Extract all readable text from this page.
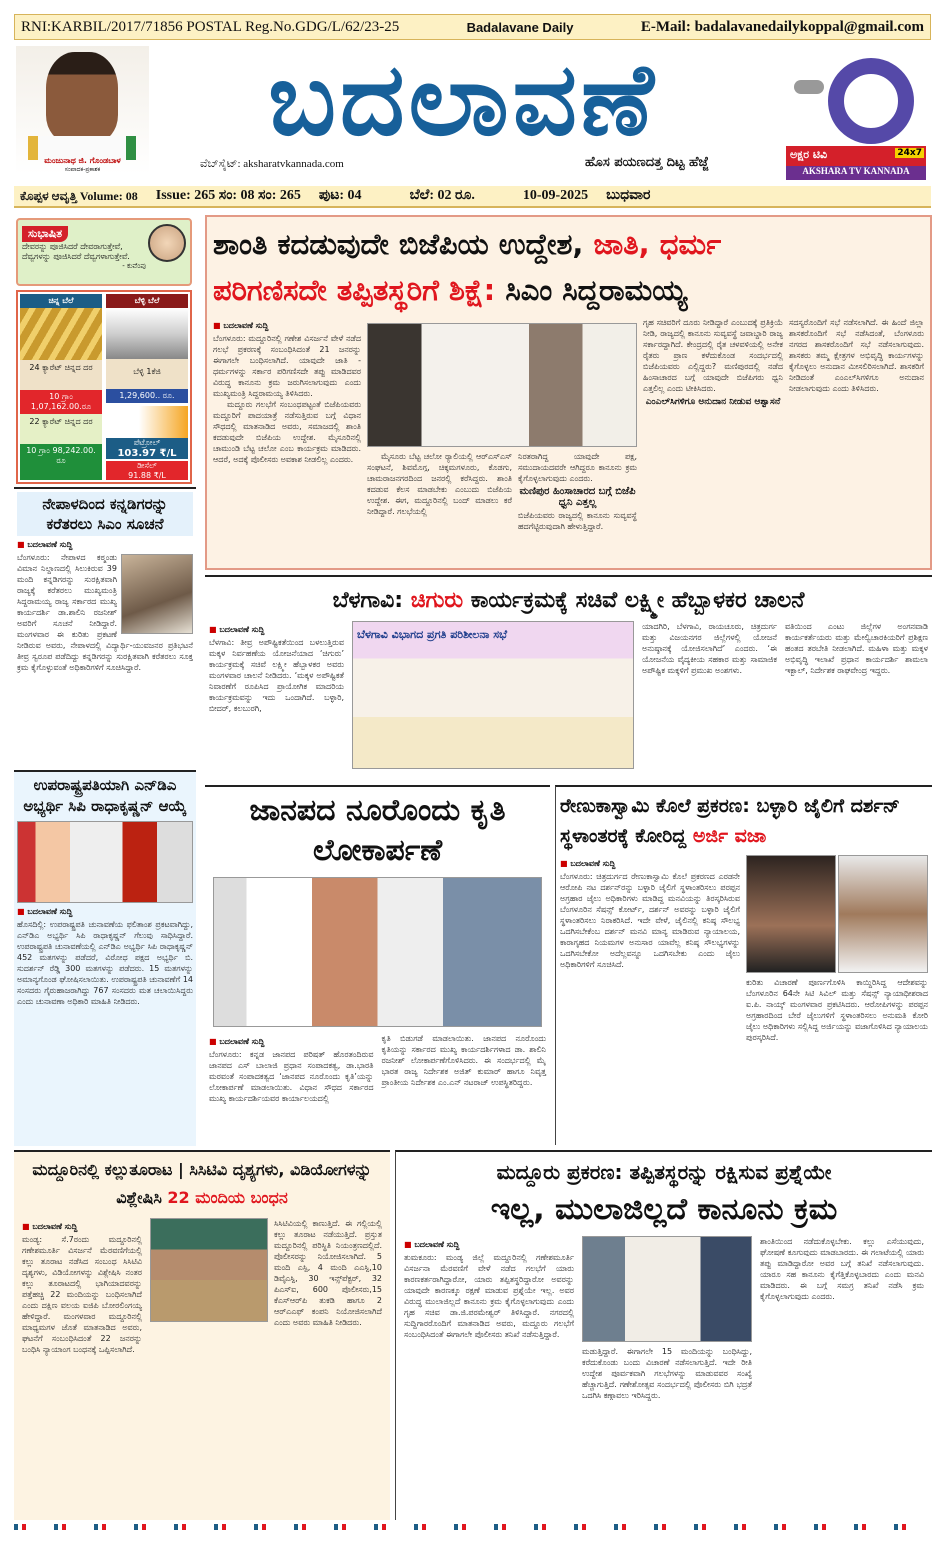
RNI:KARBIL/2017/71856 POSTAL Reg.No.GDG/L/62/23-25	Badalavane Daily	E-Mail: badalavanedailykoppal@gmail.com
ಮಂಜುನಾಥ ಜಿ. ಗೊಂಡಬಾಳ
ಸಂಪಾದಕ-ಪ್ರಕಾಶಕ
ಬದಲಾವಣೆ
ವೆಬ್‌ಸೈಟ್: aksharatvkannada.com	ಹೊಸ ಪಯಣದತ್ತ ದಿಟ್ಟ ಹೆಜ್ಜೆ
ಅಕ್ಷರ ಟಿವಿ	24x7
AKSHARA TV KANNADA
ಕೊಪ್ಪಳ ಆವೃತ್ತಿ Volume: 08 Issue: 265 ಸಂ: 08 ಸಂ: 265 ಪುಟ: 04	ಬೆಲೆ: 02 ರೂ.	10-09-2025 ಬುಧವಾರ
ಸುಭಾಷಿತ
ದೇವರನ್ನು ಪೂಜಿಸಿದರೆ ದೇವರಾಗುತ್ತೇವೆ, ದೆವ್ವಗಳನ್ನು ಪೂಜಿಸಿದರೆ ದೆವ್ವಗಳಾಗುತ್ತೇವೆ.
- ಕುವೆಂಪು
ಚಿನ್ನ ಬೆಲೆ
24 ಕ್ಯಾರೆಟ್ ಚಿನ್ನದ ದರ
10 ಗ್ರಾಂ 1,07,162.00.ರೂ
22 ಕ್ಯಾರೆಟ್ ಚಿನ್ನದ ದರ
10 ಗ್ರಾಂ 98,242.00. ರೂ
ಬೆಳ್ಳಿ ಬೆಲೆ
ಬೆಳ್ಳಿ 1ಕೆಜಿ
1,29,600.. ರೂ.
ಪೆಟ್ರೋಲ್
103.97 ₹/L
ಡೀಸೆಲ್
91.88 ₹/L
ನೇಪಾಳದಿಂದ ಕನ್ನಡಿಗರನ್ನು ಕರೆತರಲು ಸಿಎಂ ಸೂಚನೆ
■ ಬದಲಾವಣೆ ಸುದ್ದಿ
ಬೆಂಗಳೂರು: ನೇಪಾಳದ ಕಠ್ಮಂಡು ವಿಮಾನ ನಿಲ್ದಾಣದಲ್ಲಿ ಸಿಲುಕಿರುವ 39 ಮಂದಿ ಕನ್ನಡಿಗರನ್ನು ಸುರಕ್ಷಿತವಾಗಿ ರಾಜ್ಯಕ್ಕೆ ಕರೆತರಲು ಮುಖ್ಯಮಂತ್ರಿ ಸಿದ್ದರಾಮಯ್ಯ ರಾಜ್ಯ ಸರ್ಕಾರದ ಮುಖ್ಯ ಕಾರ್ಯದರ್ಶಿ ಡಾ.ಶಾಲಿನಿ ರಜನೀಶ್ ಅವರಿಗೆ ಸೂಚನೆ ನೀಡಿದ್ದಾರೆ. ಮಂಗಳವಾರ ಈ ಕುರಿತು ಪ್ರಕಟಣೆ ನೀಡಿರುವ ಅವರು, ನೇಪಾಳದಲ್ಲಿ ವಿದ್ಯಾರ್ಥಿ-ಯುವಜನರ ಪ್ರತಿಭಟನೆ ತೀವ್ರ ಸ್ವರೂಪ ಪಡೆದಿದ್ದು ಕನ್ನಡಿಗರನ್ನು ಸುರಕ್ಷಿತವಾಗಿ ಕರೆತರಲು ಸೂಕ್ತ ಕ್ರಮ ಕೈಗೊಳ್ಳುವಂತೆ ಅಧಿಕಾರಿಗಳಿಗೆ ಸೂಚಿಸಿದ್ದಾರೆ.
ಉಪರಾಷ್ಟ್ರಪತಿಯಾಗಿ ಎನ್‌ಡಿಎ ಅಭ್ಯರ್ಥಿ ಸಿಪಿ ರಾಧಾಕೃಷ್ಣನ್ ಆಯ್ಕೆ
■ ಬದಲಾವಣೆ ಸುದ್ದಿ
ಹೊಸದಿಲ್ಲಿ: ಉಪರಾಷ್ಟ್ರಪತಿ ಚುನಾವಣೆಯ ಫಲಿತಾಂಶ ಪ್ರಕಟವಾಗಿದ್ದು, ಎನ್‌ಡಿಎ ಅಭ್ಯರ್ಥಿ ಸಿಪಿ ರಾಧಾಕೃಷ್ಣನ್ ಗೆಲುವು ಸಾಧಿಸಿದ್ದಾರೆ. ಉಪರಾಷ್ಟ್ರಪತಿ ಚುನಾವಣೆಯಲ್ಲಿ ಎನ್‌ಡಿಎ ಅಭ್ಯರ್ಥಿ ಸಿಪಿ ರಾಧಾಕೃಷ್ಣನ್ 452 ಮತಗಳನ್ನು ಪಡೆದರೆ, ವಿರೋಧ ಪಕ್ಷದ ಅಭ್ಯರ್ಥಿ ಬಿ. ಸುದರ್ಶನ್ ರೆಡ್ಡಿ 300 ಮತಗಳನ್ನು ಪಡೆದರು. 15 ಮತಗಳನ್ನು ಅಮಾನ್ಯಗೊಂಡ ಘೋಷಿಸಲಾಯಿತು. ಉಪರಾಷ್ಟ್ರಪತಿ ಚುನಾವಣೆಗೆ 14 ಸಂಸದರು ಗೈರುಹಾಜರಾಗಿದ್ದು 767 ಸಂಸದರು ಮತ ಚಲಾಯಿಸಿದ್ದರು ಎಂದು ಚುನಾವಣಾ ಅಧಿಕಾರಿ ಮಾಹಿತಿ ನೀಡಿದರು.
ಶಾಂತಿ ಕದಡುವುದೇ ಬಿಜೆಪಿಯ ಉದ್ದೇಶ, ಜಾತಿ, ಧರ್ಮ
ಪರಿಗಣಿಸದೇ ತಪ್ಪಿತಸ್ಥರಿಗೆ ಶಿಕ್ಷೆ: ಸಿಎಂ ಸಿದ್ದರಾಮಯ್ಯ
■ ಬದಲಾವಣೆ ಸುದ್ದಿ
ಬೆಂಗಳೂರು: ಮದ್ದೂರಿನಲ್ಲಿ ಗಣೇಶ ವಿಸರ್ಜನೆ ವೇಳೆ ನಡೆದ ಗಲಭೆ ಪ್ರಕರಣಕ್ಕೆ ಸಂಬಂಧಿಸಿದಂತೆ 21 ಜನರನ್ನು ಈಗಾಗಲೇ ಬಂಧಿಸಲಾಗಿದೆ. ಯಾವುದೇ ಜಾತಿ - ಧರ್ಮಗಳನ್ನು ಸರ್ಕಾರ ಪರಿಗಣಿಸದೇ ತಪ್ಪು ಮಾಡಿದವರ ವಿರುದ್ಧ ಕಾನೂನು ಕ್ರಮ ಜರುಗಿಸಲಾಗುವುದು ಎಂದು ಮುಖ್ಯಮಂತ್ರಿ ಸಿದ್ದರಾಮಯ್ಯ ತಿಳಿಸಿದರು.
ಮದ್ದೂರು ಗಲಭೆಗೆ ಸಂಬಂಧಪಟ್ಟಂತೆ ಬಿಜೆಪಿಯವರು ಮದ್ದೂರಿಗೆ ಪಾದಯಾತ್ರೆ ನಡೆಸುತ್ತಿರುವ ಬಗ್ಗೆ ವಿಧಾನ ಸೌಧದಲ್ಲಿ ಮಾತನಾಡಿದ ಅವರು, ಸಮಾಜದಲ್ಲಿ ಶಾಂತಿ ಕದಡುವುದೇ ಬಿಜೆಪಿಯ ಉದ್ದೇಶ. ಮೈಸೂರಿನಲ್ಲಿ ಚಾಮುಂಡಿ ಬೆಟ್ಟ ಚಲೋ ಎಂಬ ಕಾರ್ಯಕ್ರಮ ಮಾಡಿದರು. ಆದರೆ, ಅದಕ್ಕೆ ಪೊಲೀಸರು ಅವಕಾಶ ನೀಡಲಿಲ್ಲ ಎಂದರು.	ಮೈಸೂರು ಬೆಟ್ಟ ಚಲೋ ರ್‍ಯಾಲಿಯಲ್ಲಿ ಆರ್‌ಎಸ್‌ಎಸ್ ಸಂಘಟನೆ, ಶಿವಮೊಗ್ಗ, ಚಿಕ್ಕಮಗಳೂರು, ಕೊಡಗು, ಚಾಮರಾಜನಗರದಿಂದ ಜನರಲ್ಲಿ ಕರೆಸಿದ್ದರು. ಶಾಂತಿ ಕದಡುವ ಕೆಲಸ ಮಾಡಬೇಕು ಎಂಬುದು ಬಿಜೆಪಿಯ ಉದ್ದೇಶ. ಈಗ, ಮದ್ದೂರಿನಲ್ಲಿ ಬಂದ್ ಮಾಡಲು ಕರೆ ನೀಡಿದ್ದಾರೆ. ಗಲಭೆಯಲ್ಲಿ
ನಿರತರಾಗಿದ್ದ ಯಾವುದೇ ಪಕ್ಷ, ಸಮುದಾಯದವರೇ ಆಗಿದ್ದರೂ ಕಾನೂನು ಕ್ರಮ ಕೈಗೊಳ್ಳಲಾಗುವುದು ಎಂದರು.
ಮಣಿಪುರ ಹಿಂಸಾಚಾರದ ಬಗ್ಗೆ ಬಿಜೆಪಿ ಧ್ವನಿ ಎತ್ತಲ್ಲ
ಬಿಜೆಪಿಯವರು ರಾಜ್ಯದಲ್ಲಿ ಕಾನೂನು ಸುವ್ಯವಸ್ಥೆ ಹದಗೆಟ್ಟಿರುವುದಾಗಿ ಹೇಳುತ್ತಿದ್ದಾರೆ.
ಗೃಹ ಸಚಿವರಿಗೆ ದೂರು ನೀಡಿದ್ದಾರೆ ಎಂಬುದಕ್ಕೆ ಪ್ರತಿಕ್ರಿಯೆ ನೀಡಿ, ರಾಜ್ಯದಲ್ಲಿ ಕಾನೂನು ಸುವ್ಯವಸ್ಥೆ ಜವಾಬ್ದಾರಿ ರಾಜ್ಯ ಸರ್ಕಾರದ್ದಾಗಿದೆ. ಕೇಂದ್ರದಲ್ಲಿ ರೈತ ಚಳವಳಿಯಲ್ಲಿ ಅನೇಕ ರೈತರು ಪ್ರಾಣ ಕಳೆದುಕೊಂಡ ಸಂದರ್ಭದಲ್ಲಿ ಬಿಜೆಪಿಯವರು ಎಲ್ಲಿದ್ದರು? ಮಣಿಪುರದಲ್ಲಿ ನಡೆದ ಹಿಂಸಾಚಾರದ ಬಗ್ಗೆ ಯಾವುದೇ ಬಿಜೆಪಿಗರು ಧ್ವನಿ ಎತ್ತಲಿಲ್ಲ ಎಂದು ಟೀಕಿಸಿದರು.
ಎಂಎಲ್‌ಸಿಗಳಿಗೂ ಅನುದಾನ ನೀಡುವ ಆಶ್ವಾಸನೆ
ಸದಸ್ಯರೊಂದಿಗೆ ಸಭೆ ನಡೆಸಲಾಗಿದೆ. ಈ ಹಿಂದೆ ಜಿಲ್ಲಾ ಶಾಸಕರೊಂದಿಗೆ ಸಭೆ ನಡೆಸಿದಂತೆ, ಬೆಂಗಳೂರು ನಗರದ ಶಾಸಕರೊಂದಿಗೆ ಸಭೆ ನಡೆಸಲಾಗುವುದು. ಶಾಸಕರು ತಮ್ಮ ಕ್ಷೇತ್ರಗಳ ಅಭಿವೃದ್ಧಿ ಕಾರ್ಯಗಳನ್ನು ಕೈಗೊಳ್ಳಲು ಅನುದಾನ ಮೀಸಲಿರಿಸಲಾಗಿದೆ. ಶಾಸಕರಿಗೆ ನೀಡಿದಂತೆ ಎಂಎಲ್‌ಸಿಗಳಿಗೂ ಅನುದಾನ ನೀಡಲಾಗುವುದು ಎಂದು ತಿಳಿಸಿದರು.
ಬೆಳಗಾವಿ: ಚಿಗುರು ಕಾರ್ಯಕ್ರಮಕ್ಕೆ ಸಚಿವೆ ಲಕ್ಷ್ಮೀ ಹೆಬ್ಬಾಳಕರ ಚಾಲನೆ
■ ಬದಲಾವಣೆ ಸುದ್ದಿ
ಬೆಳಗಾವಿ: ತೀವ್ರ ಅಪೌಷ್ಟಿಕತೆಯಿಂದ ಬಳಲುತ್ತಿರುವ ಮಕ್ಕಳ ನಿರ್ವಹಣೆಯ ಯೋಜನೆಯಾದ ‘ಚಿಗುರು’ ಕಾರ್ಯಕ್ರಮಕ್ಕೆ ಸಚಿವೆ ಲಕ್ಷ್ಮೀ ಹೆಬ್ಬಾಳಕರ ಅವರು ಮಂಗಳವಾರ ಚಾಲನೆ ನೀಡಿದರು. ‘ಮಕ್ಕಳ ಅಪೌಷ್ಟಿಕತೆ ನಿವಾರಣೆಗೆ ರೂಪಿಸಿದ ಪ್ರಾಯೋಗಿಕ ಮಾದರಿಯ ಕಾರ್ಯಕ್ರಮವನ್ನು ಇದು ಒಂದಾಗಿದೆ. ಬಳ್ಳಾರಿ, ಬೀದರ್, ಕಲಬುರಗಿ,
ಬೆಳಗಾವಿ ವಿಭಾಗದ ಪ್ರಗತಿ ಪರಿಶೀಲನಾ ಸಭೆ
ಯಾದಗಿರಿ, ಬೆಳಗಾವಿ, ರಾಯಚೂರು, ಚಿತ್ರದುರ್ಗ ಮತ್ತು ವಿಜಯನಗರ ಜಿಲ್ಲೆಗಳಲ್ಲಿ ಯೋಜನೆ ಅನುಷ್ಠಾನಕ್ಕೆ ಯೋಜಿಸಲಾಗಿದೆ’ ಎಂದರು. ‘ಈ ಯೋಜನೆಯ ವೈದ್ಯಕೀಯ ಸಹಕಾರ ಮತ್ತು ಸಾಮಾಜಿಕ ಅಪೌಷ್ಟಿಕ ಮಕ್ಕಳಿಗೆ ಪ್ರಮುಖ ಅಂಶಗಳು.
ವತಿಯಿಂದ ಎಂಟು ಜಿಲ್ಲೆಗಳ ಅಂಗನವಾಡಿ ಕಾರ್ಯಕರ್ತೆಯರು ಮತ್ತು ಮೇಲ್ವಿಚಾರಕಿಯರಿಗೆ ಪ್ರಶಿಕ್ಷಣ ಹಂತದ ತರಬೇತಿ ನೀಡಲಾಗಿದೆ. ಮಹಿಳಾ ಮತ್ತು ಮಕ್ಕಳ ಅಭಿವೃದ್ಧಿ ಇಲಾಖೆ ಪ್ರಧಾನ ಕಾರ್ಯದರ್ಶಿ ಶಾಮಲಾ ಇಕ್ಬಾಲ್, ನಿರ್ದೇಶಕ ರಾಘವೇಂದ್ರ ಇದ್ದರು.
ಜಾನಪದ ನೂರೊಂದು ಕೃತಿ ಲೋಕಾರ್ಪಣೆ
■ ಬದಲಾವಣೆ ಸುದ್ದಿ
ಬೆಂಗಳೂರು: ಕನ್ನಡ ಜಾನಪದ ಪರಿಷತ್ ಹೊರತಂದಿರುವ ಜಾನಪದ ಎಸ್ ಬಾಲಾಜಿ ಪ್ರಧಾನ ಸಂಪಾದಕತ್ವ, ಡಾ.ಭಾರತಿ ಮರವಂತೆ ಸಂಪಾದಕತ್ವದ ‘ಜಾನಪದ ನೂರೊಂದು ಕೃತಿ’ಯನ್ನು ಲೋಕಾರ್ಪಣೆ ಮಾಡಲಾಯಿತು. ವಿಧಾನ ಸೌಧದ ಸರ್ಕಾರದ ಮುಖ್ಯ ಕಾರ್ಯದರ್ಶಿಯವರ ಕಾರ್ಯಾಲಯದಲ್ಲಿ
ಕೃತಿ ಬಿಡುಗಡೆ ಮಾಡಲಾಯಿತು. ಜಾನಪದ ನೂರೊಂದು ಕೃತಿಯನ್ನು ಸರ್ಕಾರದ ಮುಖ್ಯ ಕಾರ್ಯದರ್ಶಿಗಳಾದ ಡಾ. ಶಾಲಿನಿ ರಜನೀಶ್ ಲೋಕಾರ್ಪಣೆಗೊಳಿಸಿದರು. ಈ ಸಂದರ್ಭದಲ್ಲಿ ಮೈ ಭಾರತ ರಾಜ್ಯ ನಿರ್ದೇಶಕ ಅಜಿತ್ ಕುಮಾರ್ ಹಾಗೂ ನಿವೃತ್ತ ಪ್ರಾಂತೀಯ ನಿರ್ದೇಶಕ ಎಂ.ಎನ್ ನಟರಾಜ್ ಉಪಸ್ಥಿತರಿದ್ದರು.
ರೇಣುಕಾಸ್ವಾಮಿ ಕೊಲೆ ಪ್ರಕರಣ: ಬಳ್ಳಾರಿ ಜೈಲಿಗೆ ದರ್ಶನ್ ಸ್ಥಳಾಂತರಕ್ಕೆ ಕೋರಿದ್ದ ಅರ್ಜಿ ವಜಾ
■ ಬದಲಾವಣೆ ಸುದ್ದಿ
ಬೆಂಗಳೂರು: ಚಿತ್ರದುರ್ಗದ ರೇಣುಕಾಸ್ವಾಮಿ ಕೊಲೆ ಪ್ರಕರಣದ ಎರಡನೇ ಆರೋಪಿ ನಟ ದರ್ಶನ್‌ರನ್ನು ಬಳ್ಳಾರಿ ಜೈಲಿಗೆ ಸ್ಥಳಾಂತರಿಸಲು ಪರಪ್ಪನ ಅಗ್ರಹಾರ ಜೈಲು ಅಧಿಕಾರಿಗಳು ಮಾಡಿದ್ದ ಮನವಿಯನ್ನು ತಿರಸ್ಕರಿಸಿರುವ ಬೆಂಗಳೂರಿನ ಸೆಷನ್ಸ್ ಕೋರ್ಟ್, ದರ್ಶನ್ ಅವರನ್ನು ಬಳ್ಳಾರಿ ಜೈಲಿಗೆ ಸ್ಥಳಾಂತರಿಸಲು ನಿರಾಕರಿಸಿದೆ. ಇದೇ ವೇಳೆ, ಜೈಲಿನಲ್ಲಿ ಕನಿಷ್ಠ ಸೌಲಭ್ಯ ಒದಗಿಸಬೇಕೆಂಬ ದರ್ಶನ್ ಮನವಿ ಮಾನ್ಯ ಮಾಡಿರುವ ನ್ಯಾಯಾಲಯ, ಕಾರಾಗೃಹದ ನಿಯಮಗಳ ಅನುಸಾರ ಯಾವೆಲ್ಲ ಕನಿಷ್ಠ ಸೌಲಭ್ಯಗಳನ್ನು ಒದಗಿಸಬೇಕೋ ಅದೆಲ್ಲವನ್ನೂ ಒದಗಿಸಬೇಕು ಎಂದು ಜೈಲು ಅಧಿಕಾರಿಗಳಿಗೆ ಸೂಚಿಸಿದೆ.
ಕುರಿತು ವಿಚಾರಣೆ ಪೂರ್ಣಗೊಳಿಸಿ ಕಾಯ್ದಿರಿಸಿದ್ದ ಆದೇಶವನ್ನು ಬೆಂಗಳೂರಿನ 64ನೇ ಸಿಟಿ ಸಿವಿಲ್ ಮತ್ತು ಸೆಷನ್ಸ್ ನ್ಯಾಯಾಧೀಶರಾದ ಐ.ಪಿ. ನಾಯ್ಕ್ ಮಂಗಳವಾರ ಪ್ರಕಟಿಸಿದರು. ಆರೋಪಿಗಳನ್ನು ಪರಪ್ಪನ ಅಗ್ರಹಾರದಿಂದ ಬೇರೆ ಜೈಲುಗಳಿಗೆ ಸ್ಥಳಾಂತರಿಸಲು ಅನುಮತಿ ಕೋರಿ ಜೈಲು ಅಧಿಕಾರಿಗಳು ಸಲ್ಲಿಸಿದ್ದ ಅರ್ಜಿಯನ್ನು ವಜಾಗೊಳಿಸಿದ ನ್ಯಾಯಾಲಯ ಪುರಸ್ಕರಿಸಿದೆ.
ಮದ್ದೂರಿನಲ್ಲಿ ಕಲ್ಲುತೂರಾಟ | ಸಿಸಿಟಿವಿ ದೃಶ್ಯಗಳು, ವಿಡಿಯೋಗಳನ್ನು ವಿಶ್ಲೇಷಿಸಿ 22 ಮಂದಿಯ ಬಂಧನ
■ ಬದಲಾವಣೆ ಸುದ್ದಿ
ಮಂಡ್ಯ: ಸೆ.7ರಂದು ಮದ್ದೂರಿನಲ್ಲಿ ಗಣೇಶಮೂರ್ತಿ ವಿಸರ್ಜನೆ ಮೆರವಣಿಗೆಯಲ್ಲಿ ಕಲ್ಲು ತೂರಾಟ ನಡೆಸಿದ ಸಂಬಂಧ ಸಿಸಿಟಿವಿ ದೃಶ್ಯಗಳು, ವಿಡಿಯೋಗಳನ್ನು ವಿಶ್ಲೇಷಿಸಿ ನಂತರ ಕಲ್ಲು ತೂರಾಟದಲ್ಲಿ ಭಾಗಿಯಾದವರನ್ನು ಪತ್ತೆಹಚ್ಚಿ 22 ಮಂದಿಯನ್ನು ಬಂಧಿಸಲಾಗಿದೆ ಎಂದು ದಕ್ಷಿಣ ವಲಯ ಐಜಿಪಿ ಬೋರಲಿಂಗಯ್ಯ ಹೇಳಿದ್ದಾರೆ. ಮಂಗಳವಾರ ಮದ್ದೂರಿನಲ್ಲಿ ಮಾಧ್ಯಮಗಳ ಜೊತೆ ಮಾತನಾಡಿದ ಅವರು, ಘಟನೆಗೆ ಸಂಬಂಧಿಸಿದಂತೆ 22 ಜನರನ್ನು ಬಂಧಿಸಿ ನ್ಯಾಯಾಂಗ ಬಂಧನಕ್ಕೆ ಒಪ್ಪಿಸಲಾಗಿದೆ.
ಸಿಸಿಟಿವಿಯಲ್ಲಿ ಕಾಣುತ್ತಿದೆ. ಈ ಗಲ್ಲಿಯಲ್ಲಿ ಕಲ್ಲು ತೂರಾಟ ನಡೆಯುತ್ತಿದೆ. ಪ್ರಸ್ತುತ ಮದ್ದೂರಿನಲ್ಲಿ ಪರಿಸ್ಥಿತಿ ನಿಯಂತ್ರಣದಲ್ಲಿದೆ. ಪೊಲೀಸರನ್ನು ನಿಯೋಜಿಸಲಾಗಿದೆ. 5 ಮಂದಿ ಎಸ್ಪಿ, 4 ಮಂದಿ ಎಎಸ್ಪಿ,10 ಡಿವೈಎಸ್ಪಿ, 30 ಇನ್ಸ್‌ಪೆಕ್ಟರ್, 32 ಪಿಎಸ್‌ಐ, 600 ಪೊಲೀಸರು,15 ಕೆಎಸ್‌ಆರ್‌ಪಿ ತುಕಡಿ ಹಾಗೂ 2 ಆರ್‌ಎಎಫ್ ಕಂಪನಿ ನಿಯೋಜಿಸಲಾಗಿದೆ ಎಂದು ಅವರು ಮಾಹಿತಿ ನೀಡಿದರು.
ಮದ್ದೂರು ಪ್ರಕರಣ: ತಪ್ಪಿತಸ್ಥರನ್ನು ರಕ್ಷಿಸುವ ಪ್ರಶ್ನೆಯೇ
ಇಲ್ಲ, ಮುಲಾಜಿಲ್ಲದೆ ಕಾನೂನು ಕ್ರಮ
■ ಬದಲಾವಣೆ ಸುದ್ದಿ
ತುಮಕೂರು: ಮಂಡ್ಯ ಜಿಲ್ಲೆ ಮದ್ದೂರಿನಲ್ಲಿ ಗಣೇಶಮೂರ್ತಿ ವಿಸರ್ಜನಾ ಮೆರವಣಿಗೆ ವೇಳೆ ನಡೆದ ಗಲಭೆಗೆ ಯಾರು ಕಾರಣಕರ್ತರಾಗಿದ್ದಾರೋ, ಯಾರು ತಪ್ಪಿತಸ್ಥರಿದ್ದಾರೋ ಅವರನ್ನು ಯಾವುದೇ ಕಾರಣಕ್ಕೂ ರಕ್ಷಣೆ ಮಾಡುವ ಪ್ರಶ್ನೆಯೇ ಇಲ್ಲ. ಅವರ ವಿರುದ್ಧ ಮುಲಾಜಿಲ್ಲದೆ ಕಾನೂನು ಕ್ರಮ ಕೈಗೊಳ್ಳಲಾಗುವುದು ಎಂದು ಗೃಹ ಸಚಿವ ಡಾ.ಜಿ.ಪರಮೇಶ್ವರ್ ತಿಳಿಸಿದ್ದಾರೆ. ನಗರದಲ್ಲಿ ಸುದ್ದಿಗಾರರೊಂದಿಗೆ ಮಾತನಾಡಿದ ಅವರು, ಮದ್ದೂರು ಗಲಭೆಗೆ ಸಂಬಂಧಿಸಿದಂತೆ ಈಗಾಗಲೇ ಪೊಲೀಸರು ತನಿಖೆ ನಡೆಸುತ್ತಿದ್ದಾರೆ.
ಮಡುತ್ತಿದ್ದಾರೆ. ಈಗಾಗಲೇ 15 ಮಂದಿಯನ್ನು ಬಂಧಿಸಿದ್ದು, ಕರೆದುಕೊಂಡು ಬಂದು ವಿಚಾರಣೆ ನಡೆಸಲಾಗುತ್ತಿದೆ. ಇದೇ ರೀತಿ ಉದ್ದೇಶ ಪೂರ್ವಕವಾಗಿ ಗಲಭೆಗಳನ್ನು ಮಾಡುವವರ ಸಂಖ್ಯೆ ಹೆಚ್ಚಾಗುತ್ತಿದೆ. ಗಣೇಶೋತ್ಸವ ಸಂದರ್ಭದಲ್ಲಿ ಪೊಲೀಸರು ಬಿಗಿ ಭದ್ರತೆ ಒದಗಿಸಿ ಕಣ್ಗಾವಲು ಇರಿಸಿದ್ದರು.
ಶಾಂತಿಯಿಂದ ನಡೆದುಕೊಳ್ಳಬೇಕು. ಕಲ್ಲು ಎಸೆಯುವುದು, ಘೋಷಣೆ ಕೂಗುವುದು ಮಾಡಬಾರದು. ಈ ಗಲಾಟೆಯಲ್ಲಿ ಯಾರು ತಪ್ಪು ಮಾಡಿದ್ದಾರೋ ಅವರ ಬಗ್ಗೆ ತನಿಖೆ ನಡೆಸಲಾಗುವುದು. ಯಾರೂ ಸಹ ಕಾನೂನು ಕೈಗೆತ್ತಿಕೊಳ್ಳಬಾರದು ಎಂದು ಮನವಿ ಮಾಡಿದರು. ಈ ಬಗ್ಗೆ ಸಮಗ್ರ ತನಿಖೆ ನಡೆಸಿ ಕ್ರಮ ಕೈಗೊಳ್ಳಲಾಗುವುದು ಎಂದರು.
